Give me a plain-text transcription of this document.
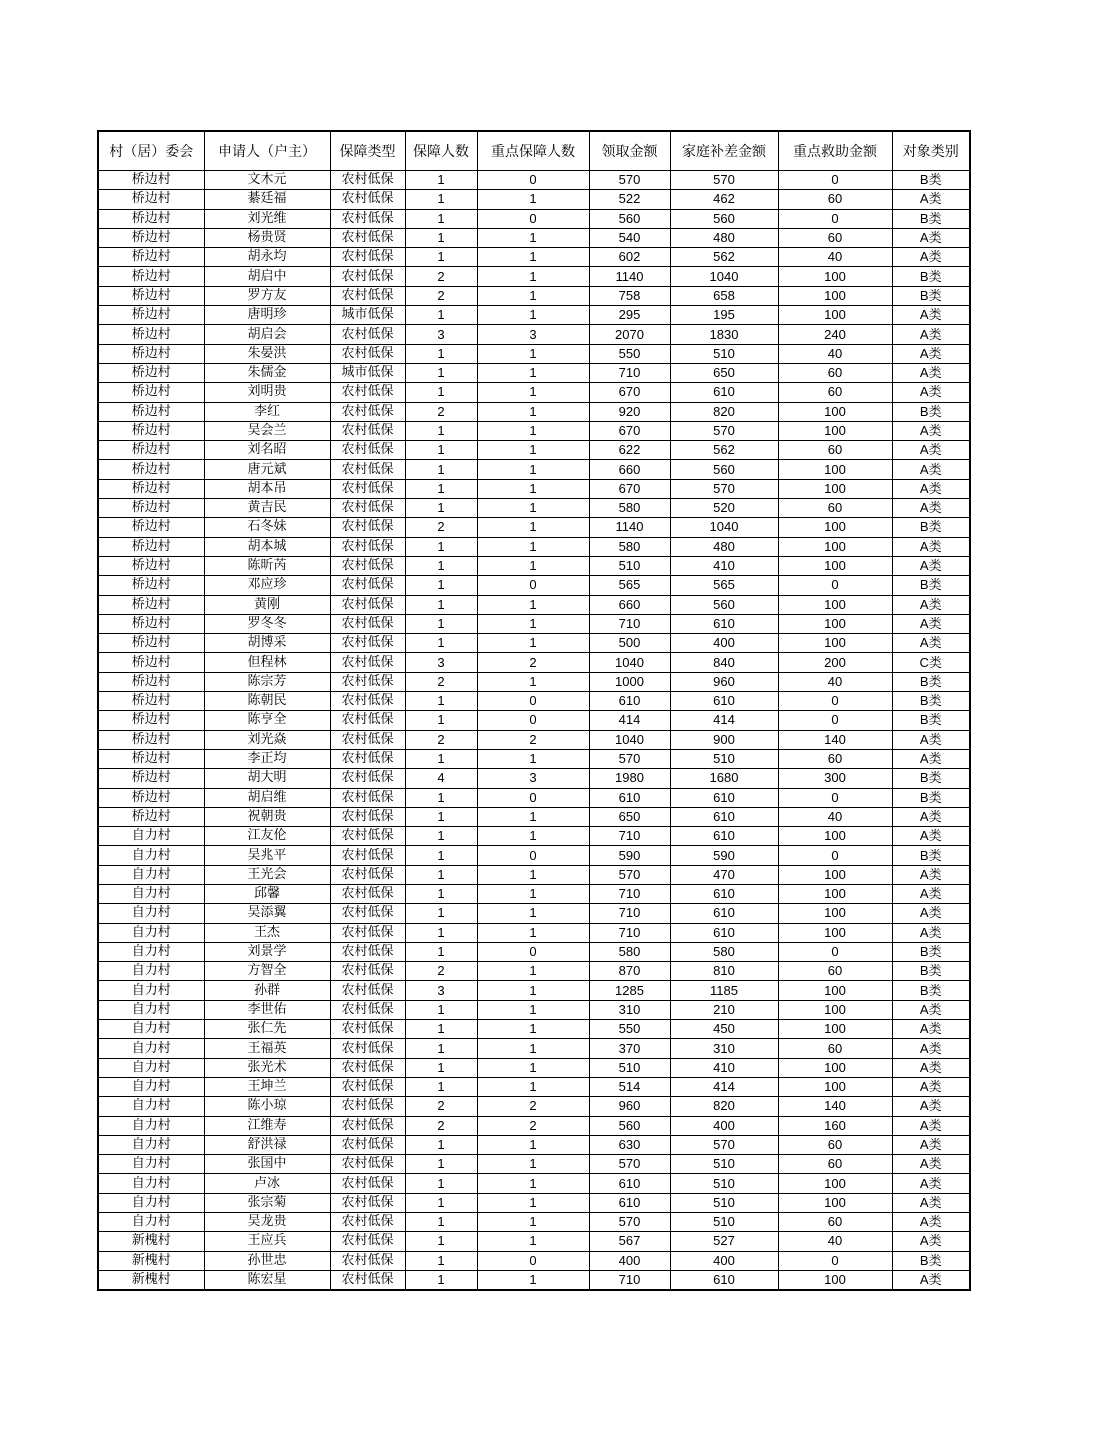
村（居）委会	申请人（户主）	保障类型	保障人数	重点保障人数	领取金额	家庭补差金额	重点救助金额	对象类别
桥边村	文木元	农村低保	1	0	570	570	0	B类
桥边村	綦廷福	农村低保	1	1	522	462	60	A类
桥边村	刘光维	农村低保	1	0	560	560	0	B类
桥边村	杨贵贤	农村低保	1	1	540	480	60	A类
桥边村	胡永均	农村低保	1	1	602	562	40	A类
桥边村	胡启中	农村低保	2	1	1140	1040	100	B类
桥边村	罗方友	农村低保	2	1	758	658	100	B类
桥边村	唐明珍	城市低保	1	1	295	195	100	A类
桥边村	胡启会	农村低保	3	3	2070	1830	240	A类
桥边村	朱晏洪	农村低保	1	1	550	510	40	A类
桥边村	朱儒金	城市低保	1	1	710	650	60	A类
桥边村	刘明贵	农村低保	1	1	670	610	60	A类
桥边村	李红	农村低保	2	1	920	820	100	B类
桥边村	吴会兰	农村低保	1	1	670	570	100	A类
桥边村	刘名昭	农村低保	1	1	622	562	60	A类
桥边村	唐元斌	农村低保	1	1	660	560	100	A类
桥边村	胡本吊	农村低保	1	1	670	570	100	A类
桥边村	黄吉民	农村低保	1	1	580	520	60	A类
桥边村	石冬妹	农村低保	2	1	1140	1040	100	B类
桥边村	胡本城	农村低保	1	1	580	480	100	A类
桥边村	陈昕芮	农村低保	1	1	510	410	100	A类
桥边村	邓应珍	农村低保	1	0	565	565	0	B类
桥边村	黄刚	农村低保	1	1	660	560	100	A类
桥边村	罗冬冬	农村低保	1	1	710	610	100	A类
桥边村	胡博采	农村低保	1	1	500	400	100	A类
桥边村	但程林	农村低保	3	2	1040	840	200	C类
桥边村	陈宗芳	农村低保	2	1	1000	960	40	B类
桥边村	陈朝民	农村低保	1	0	610	610	0	B类
桥边村	陈亨全	农村低保	1	0	414	414	0	B类
桥边村	刘光焱	农村低保	2	2	1040	900	140	A类
桥边村	李正均	农村低保	1	1	570	510	60	A类
桥边村	胡大明	农村低保	4	3	1980	1680	300	B类
桥边村	胡启维	农村低保	1	0	610	610	0	B类
桥边村	祝朝贵	农村低保	1	1	650	610	40	A类
自力村	江友伦	农村低保	1	1	710	610	100	A类
自力村	吴兆平	农村低保	1	0	590	590	0	B类
自力村	王光会	农村低保	1	1	570	470	100	A类
自力村	邱馨	农村低保	1	1	710	610	100	A类
自力村	吴添翼	农村低保	1	1	710	610	100	A类
自力村	王杰	农村低保	1	1	710	610	100	A类
自力村	刘景学	农村低保	1	0	580	580	0	B类
自力村	方智全	农村低保	2	1	870	810	60	B类
自力村	孙群	农村低保	3	1	1285	1185	100	B类
自力村	李世佑	农村低保	1	1	310	210	100	A类
自力村	张仁先	农村低保	1	1	550	450	100	A类
自力村	王福英	农村低保	1	1	370	310	60	A类
自力村	张光术	农村低保	1	1	510	410	100	A类
自力村	王坤兰	农村低保	1	1	514	414	100	A类
自力村	陈小琼	农村低保	2	2	960	820	140	A类
自力村	江维寿	农村低保	2	2	560	400	160	A类
自力村	舒洪禄	农村低保	1	1	630	570	60	A类
自力村	张国中	农村低保	1	1	570	510	60	A类
自力村	卢冰	农村低保	1	1	610	510	100	A类
自力村	张宗菊	农村低保	1	1	610	510	100	A类
自力村	吴龙贵	农村低保	1	1	570	510	60	A类
新槐村	王应兵	农村低保	1	1	567	527	40	A类
新槐村	孙世忠	农村低保	1	0	400	400	0	B类
新槐村	陈宏星	农村低保	1	1	710	610	100	A类
